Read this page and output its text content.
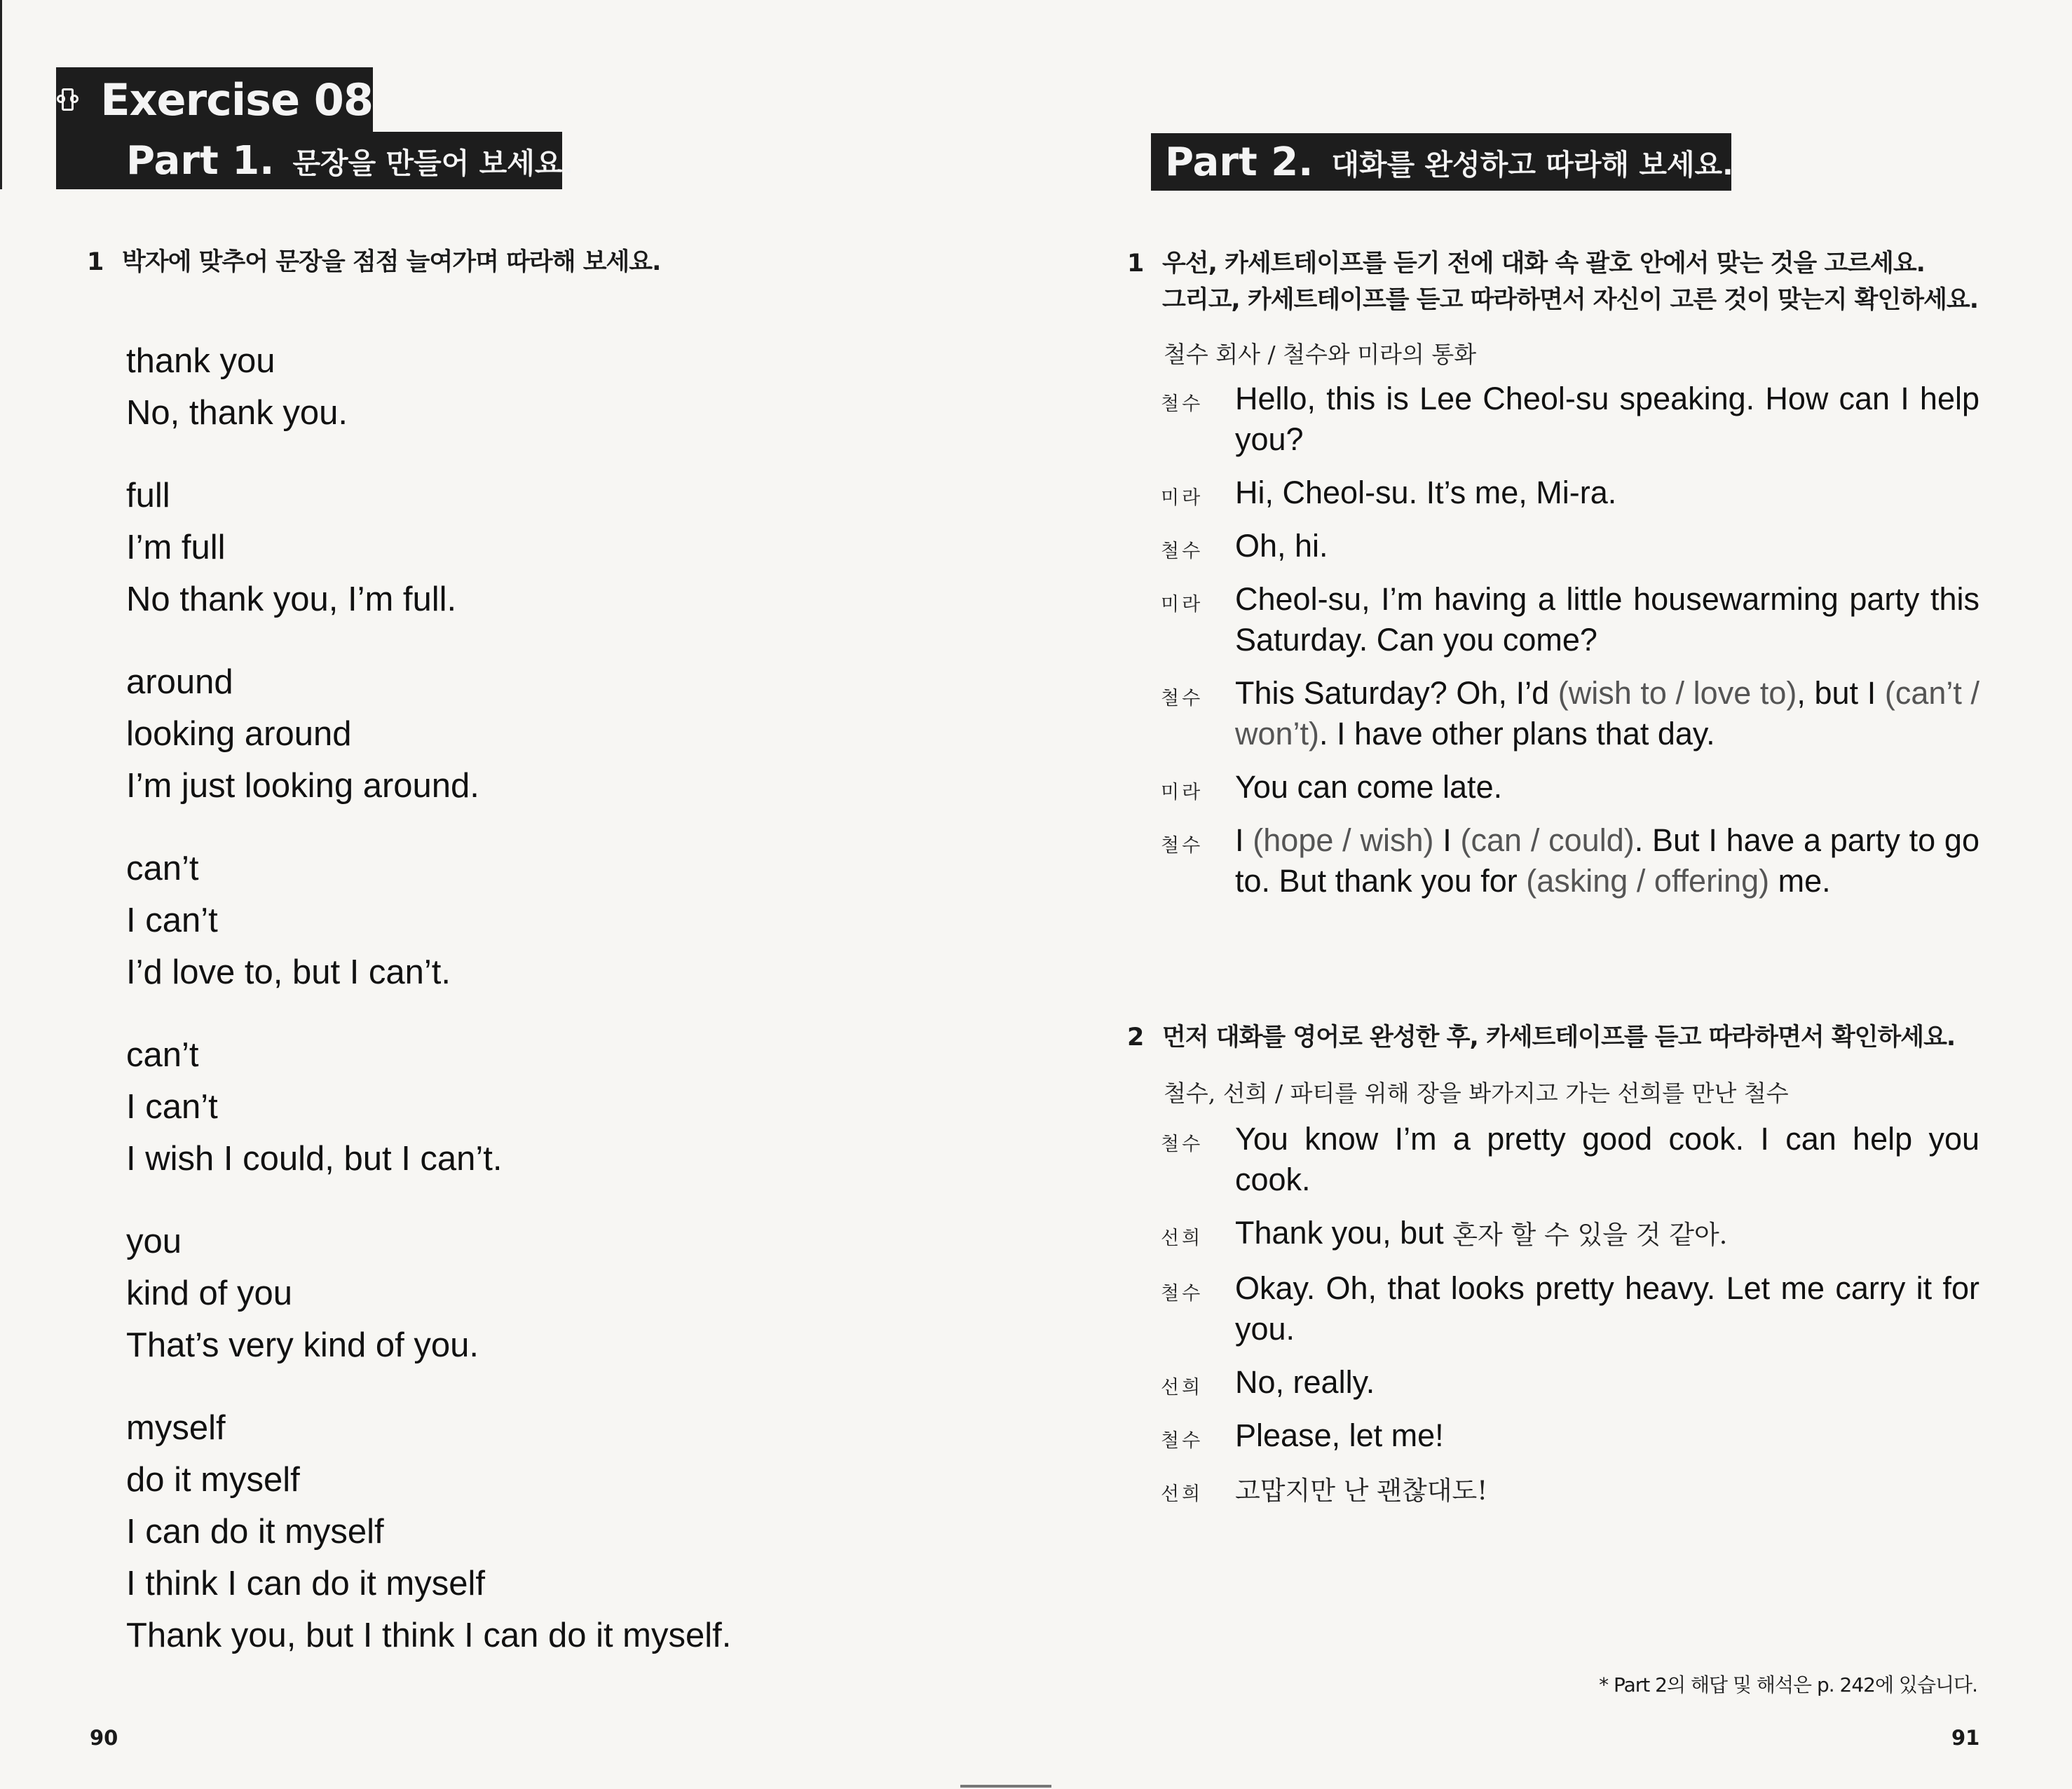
Exercise 08
Part 1. 문장을 만들어 보세요.
1 박자에 맞추어 문장을 점점 늘여가며 따라해 보세요.
thank you
No, thank you.
full
I’m full
No thank you, I’m full.
around
looking around
I’m just looking around.
can’t
I can’t
I’d love to, but I can’t.
can’t
I can’t
I wish I could, but I can’t.
you
kind of you
That’s very kind of you.
myself
do it myself
I can do it myself
I think I can do it myself
Thank you, but I think I can do it myself.
90
Part 2. 대화를 완성하고 따라해 보세요.
1 우선, 카세트테이프를 듣기 전에 대화 속 괄호 안에서 맞는 것을 고르세요.
그리고, 카세트테이프를 듣고 따라하면서 자신이 고른 것이 맞는지 확인하세요.
철수 회사 / 철수와 미라의 통화
철수	Hello, this is Lee Cheol-su speaking. How can I help you?
미라	Hi, Cheol-su. It’s me, Mi-ra.
철수	Oh, hi.
미라	Cheol-su, I’m having a little housewarming party this Saturday. Can you come?
철수	This Saturday? Oh, I’d (wish to / love to), but I (can’t / won’t). I have other plans that day.
미라	You can come late.
철수	I (hope / wish) I (can / could). But I have a party to go to. But thank you for (asking / offering) me.
2 먼저 대화를 영어로 완성한 후, 카세트테이프를 듣고 따라하면서 확인하세요.
철수, 선희 / 파티를 위해 장을 봐가지고 가는 선희를 만난 철수
철수	You know I’m a pretty good cook. I can help you cook.
선희	Thank you, but 혼자 할 수 있을 것 같아.
철수	Okay. Oh, that looks pretty heavy. Let me carry it for you.
선희	No, really.
철수	Please, let me!
선희	고맙지만 난 괜찮대도!
* Part 2의 해답 및 해석은 p. 242에 있습니다.
91
